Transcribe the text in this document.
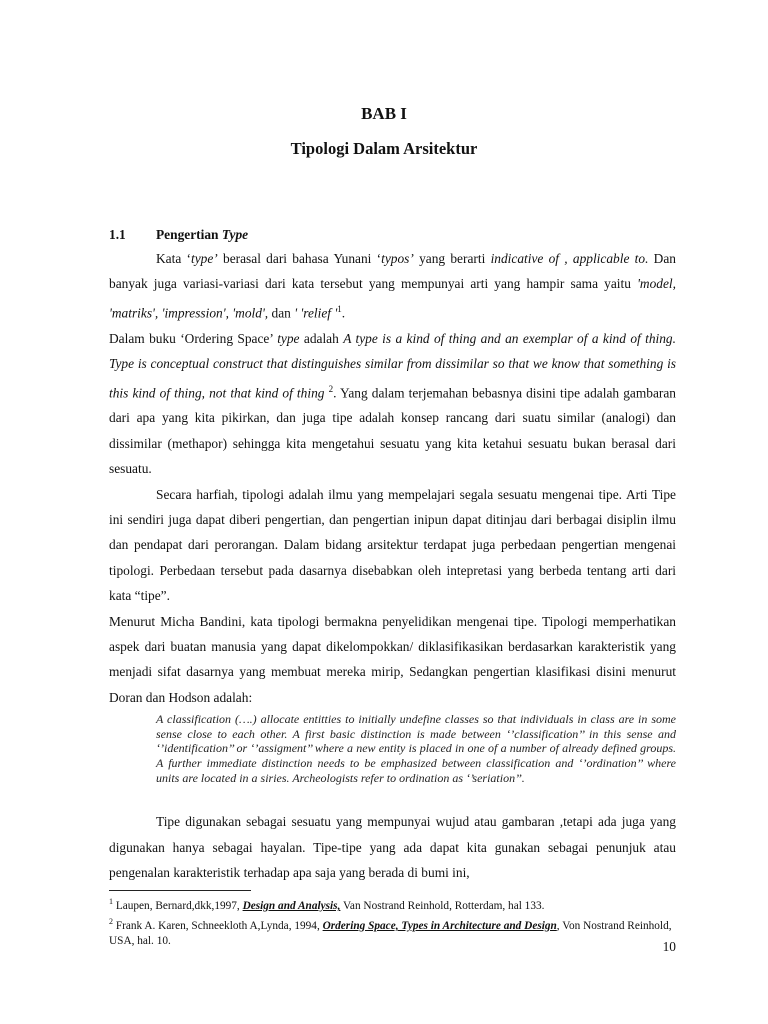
BAB I
Tipologi Dalam Arsitektur
1.1 Pengertian Type

Kata ‘type’ berasal dari bahasa Yunani ‘typos’ yang berarti indicative of , applicable to. Dan banyak juga variasi-variasi dari kata tersebut yang mempunyai arti yang hampir sama yaitu 'model, 'matriks', 'impression', 'mold', dan ' 'relief '$^1$.

Dalam buku ‘Ordering Space’ type adalah A type is a kind of thing and an exemplar of a kind of thing. Type is conceptual construct that distinguishes similar from dissimilar so that we know that something is this kind of thing, not that kind of thing $^2$. Yang dalam terjemahan bebasnya disini tipe adalah gambaran dari apa yang kita pikirkan, dan juga tipe adalah konsep rancang dari suatu similar (analogi) dan dissimilar (methapor) sehingga kita mengetahui sesuatu yang kita ketahui sesuatu bukan berasal dari sesuatu.

Secara harfiah, tipologi adalah ilmu yang mempelajari segala sesuatu mengenai tipe. Arti Tipe ini sendiri juga dapat diberi pengertian, dan pengertian inipun dapat ditinjau dari berbagai disiplin ilmu dan pendapat dari perorangan. Dalam bidang arsitektur terdapat juga perbedaan pengertian mengenai tipologi. Perbedaan tersebut pada dasarnya disebabkan oleh intepretasi yang berbeda tentang arti dari kata “tipe”.

Menurut Micha Bandini, kata tipologi bermakna penyelidikan mengenai tipe. Tipologi memperhatikan aspek dari buatan manusia yang dapat dikelompokkan/ diklasifikasikan berdasarkan karakteristik yang menjadi sifat dasarnya yang membuat mereka mirip, Sedangkan pengertian klasifikasi disini menurut Doran dan Hodson adalah:

A classification (….) allocate entitties to initially undefine classes so that individuals in class are in some sense close to each other. A first basic distinction is made between ‘’classification’’ in this sense and ‘’identification’’ or ‘’assigment’’ where a new entity is placed in one of a number of already defined groups. A further immediate distinction needs to be emphasized between classification and ‘’ordination’’ where units are located in a siries. Archeologists refer to ordination as ‘’seriation’’.

Tipe digunakan sebagai sesuatu yang mempunyai wujud atau gambaran ,tetapi ada juga yang digunakan hanya sebagai hayalan. Tipe-tipe yang ada dapat kita gunakan sebagai penunjuk atau pengenalan karakteristik terhadap apa saja yang berada di bumi ini,

$^1$ Laupen, Bernard,dkk,1997, Design and Analysis, Van Nostrand Reinhold, Rotterdam, hal 133.

$^2$ Frank A. Karen, Schneekloth A,Lynda, 1994, Ordering Space, Types in Architecture and Design, Von Nostrand Reinhold, USA, hal. 10.	10
